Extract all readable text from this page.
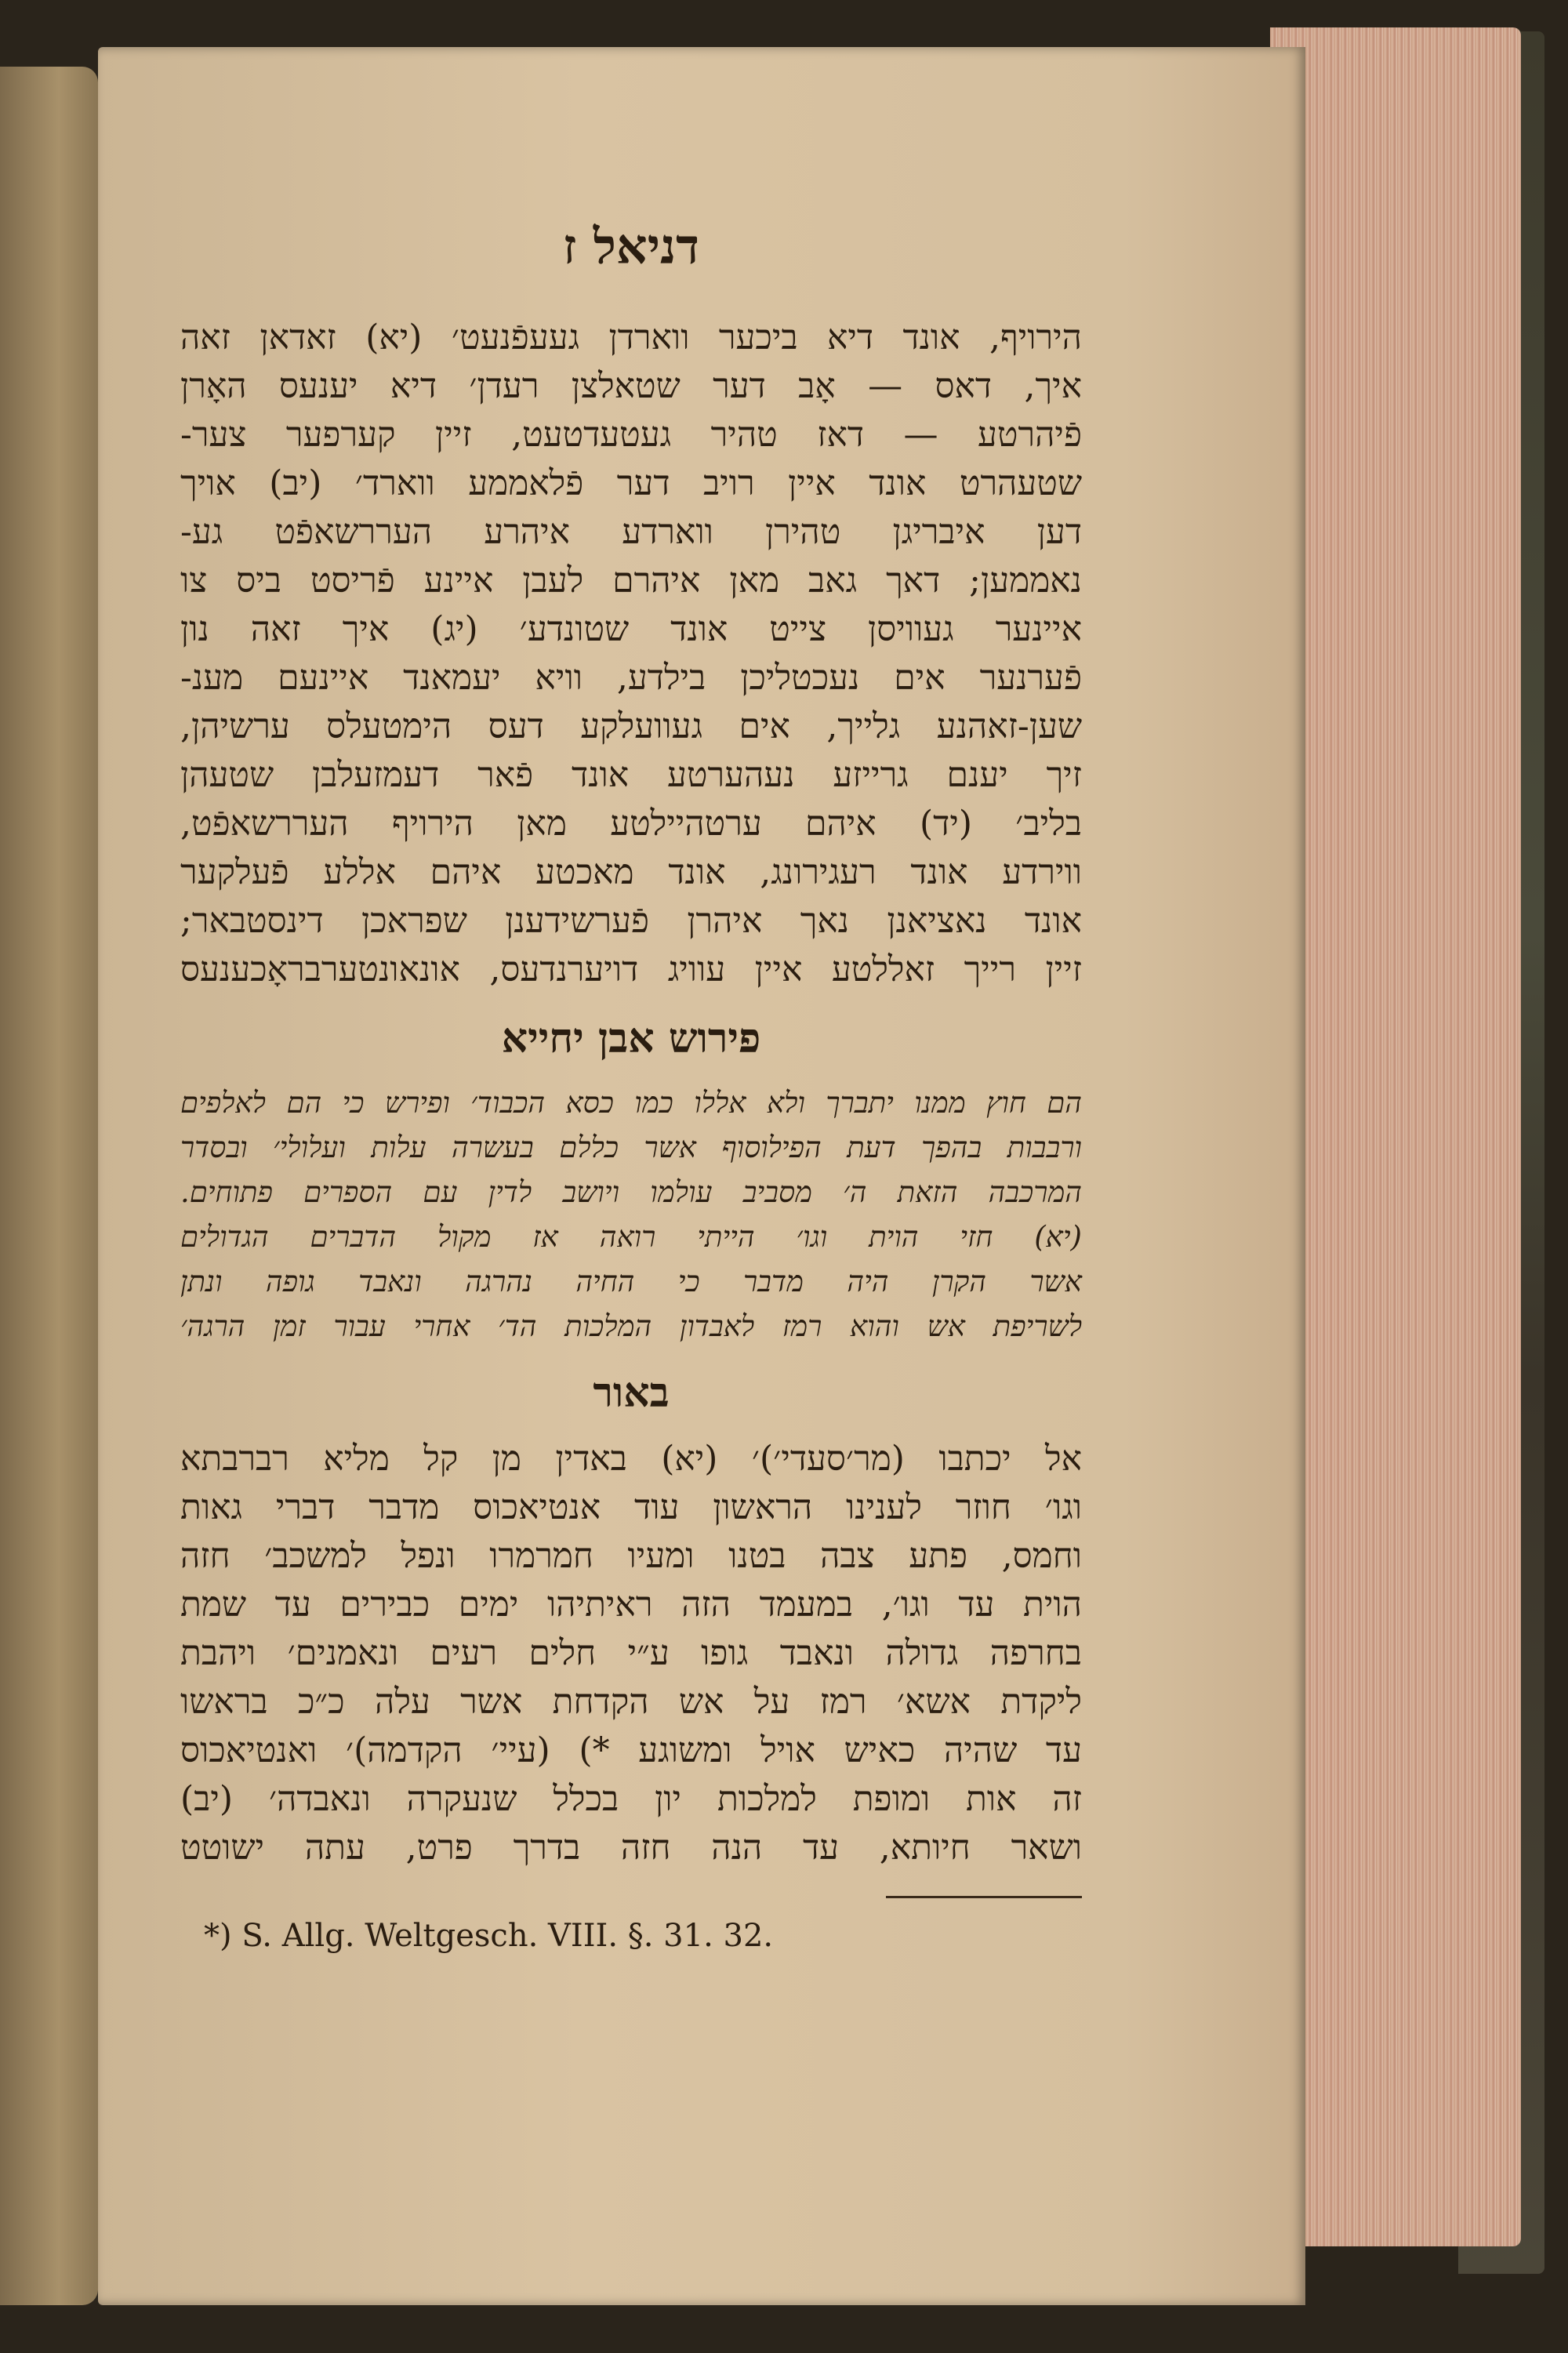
דניאל ז
הירויף, אונד דיא ביכער ווארדן געעפֿנעט׳ (יא) זאדאן זאה
איך, דאס — אָב דער שטאלצן רעדן׳ דיא יענעס האָרן
פֿיהרטע — דאז טהיר געטעדטעט, זיין קערפער צער-
שטעהרט אונד איין רויב דער פֿלאממע ווארד׳ (יב) אויך
דען איבריגן טהירן ווארדע איהרע העררשאפֿט גע-
נאממען; דאך גאב מאן איהרם לעבן איינע פֿריסט ביס צו
איינער געוויסן צייט אונד שטונדע׳ (יג) איך זאה נון
פֿערנער אים נעכטליכן בילדע, וויא יעמאנד איינעם מענ-
שען-זאהנע גלייך, אים געוועלקע דעס הימטעלס ערשיהן,
זיך יענם גרייזע נעהערטע אונד פֿאר דעמזעלבן שטעהן
בליב׳ (יד) איהם ערטהיילטע מאן הירויף העררשאפֿט,
ווירדע אונד רעגירונג, אונד מאכטע איהם אללע פֿעלקער
אונד נאציאנן נאך איהרן פֿערשידענן שפראכן דינסטבאר;
זיין רייך זאללטע איין עוויג דויערנדעס, אונאונטערבראָכענעס
פירוש אבן יחייא
הם חוץ ממנו יתברך ולא אללו כמו כסא הכבוד׳ ופירש כי הם לאלפים
ורבבות בהפך דעת הפילוסוף אשר כללם בעשרה עלות ועלולי׳ ובסדר
המרכבה הזאת ה׳ מסביב עולמו ויושב לדין עם הספרים פתוחים.
(יא) חזי הוית וגו׳ הייתי רואה אז מקול הדברים הגדולים
אשר הקרן היה מדבר כי החיה נהרגה ונאבד גופה ונתן
לשריפת אש והוא רמז לאבדון המלכות הד׳ אחרי עבור זמן הרגה׳
באור
אל יכתבו (מר׳סעדי׳)׳ (יא) באדין מן קל מליא רברבתא
וגו׳ חוזר לענינו הראשון עוד אנטיאכוס מדבר דברי גאות
וחמס, פתע צבה בטנו ומעיו חמרמרו ונפל למשכב׳ חזה
הוית עד וגו׳, במעמד הזה ראיתיהו ימים כבירים עד שמת
בחרפה גדולה ונאבד גופו ע״י חלים רעים ונאמנים׳ ויהבת
ליקדת אשא׳ רמז על אש הקדחת אשר עלה כ״כ בראשו
עד שהיה כאיש אויל ומשוגע *) (עיי׳ הקדמה)׳ ואנטיאכוס
זה אות ומופת למלכות יון בכלל שנעקרה ונאבדה׳ (יב)
ושאר חיותא, עד הנה חזה בדרך פרט, עתה ישוטט
*) S. Allg. Weltgesch. VIII. §. 31. 32.
